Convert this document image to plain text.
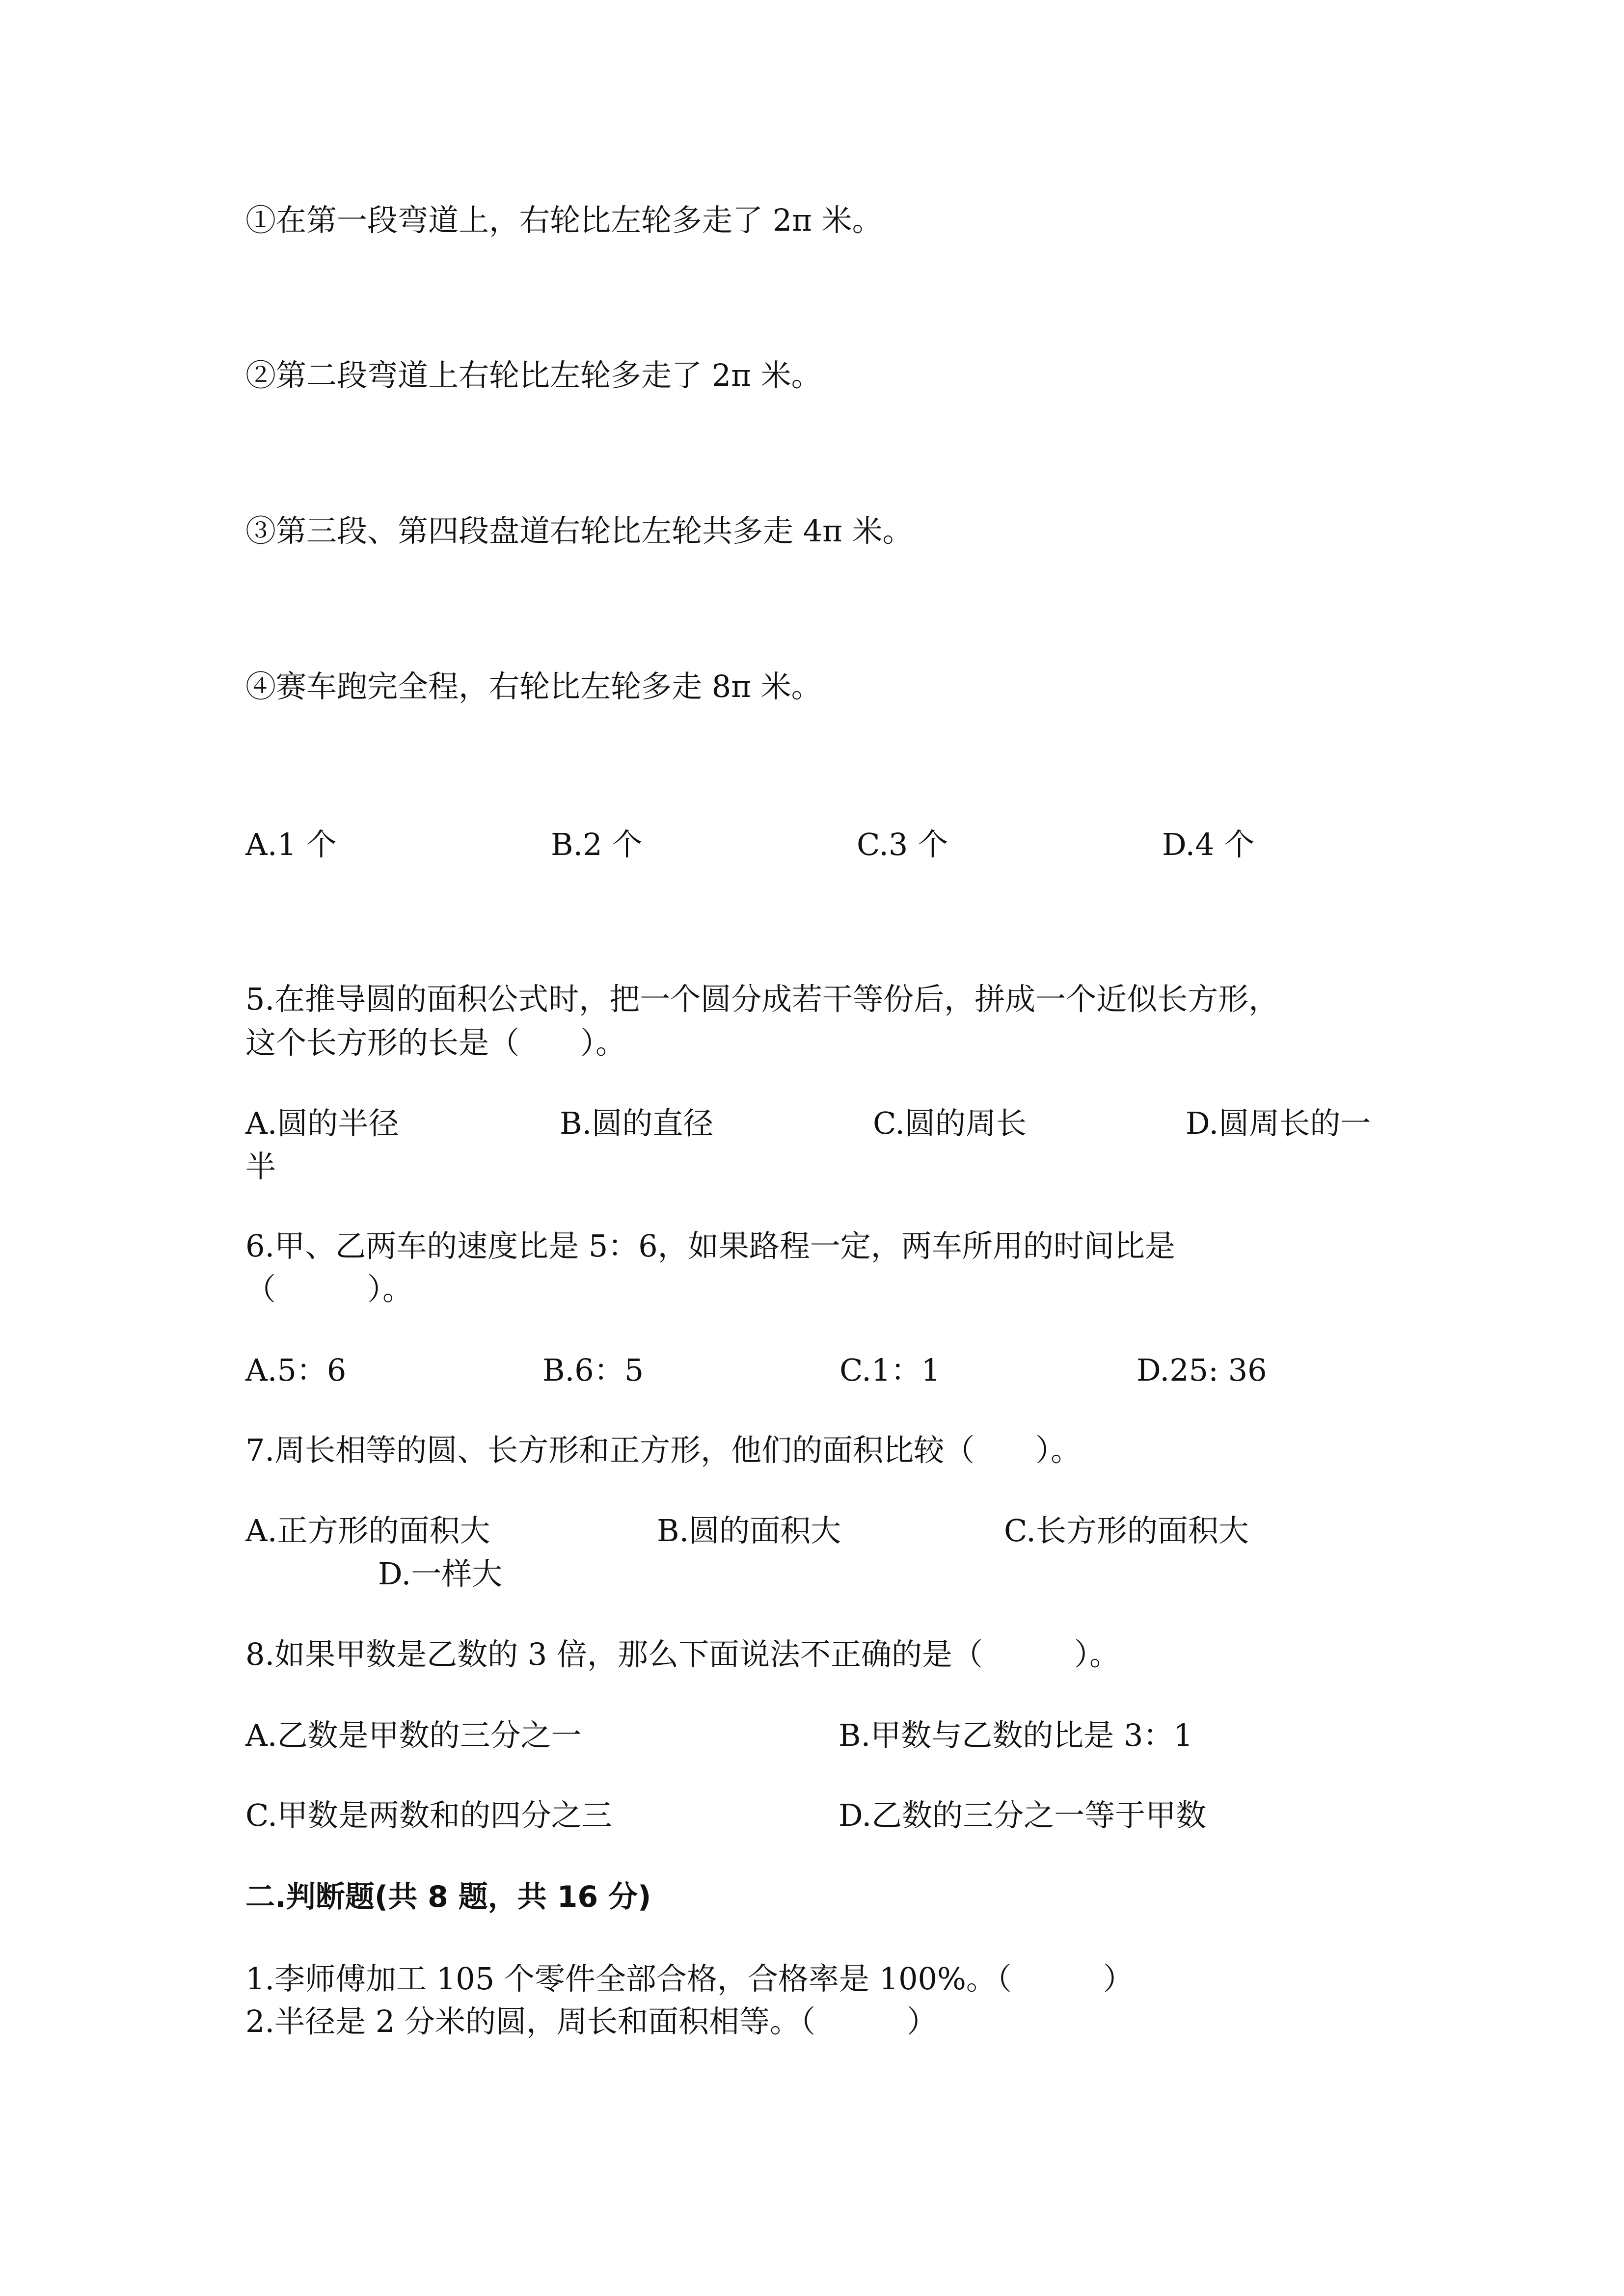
①在第一段弯道上，右轮比左轮多走了 2π 米。
②第二段弯道上右轮比左轮多走了 2π 米。
③第三段、第四段盘道右轮比左轮共多走 4π 米。
④赛车跑完全程，右轮比左轮多走 8π 米。
A.1 个	B.2 个	C.3 个	D.4 个
5.在推导圆的面积公式时，把一个圆分成若干等份后，拼成一个近似长方形，
这个长方形的长是（　　）。
A.圆的半径	B.圆的直径	C.圆的周长	D.圆周长的一
半
6.甲、乙两车的速度比是 5：6，如果路程一定，两车所用的时间比是
（　　　）。
A.5：6	B.6：5	C.1：1	D.25: 36
7.周长相等的圆、长方形和正方形，他们的面积比较（　　）。
A.正方形的面积大	B.圆的面积大	C.长方形的面积大
D.一样大
8.如果甲数是乙数的 3 倍，那么下面说法不正确的是（　　　）。
A.乙数是甲数的三分之一	B.甲数与乙数的比是 3：1
C.甲数是两数和的四分之三	D.乙数的三分之一等于甲数
二.判断题(共 8 题，共 16 分)
1.李师傅加工 105 个零件全部合格，合格率是 100%。（　　　）
2.半径是 2 分米的圆，周长和面积相等。（　　　）
